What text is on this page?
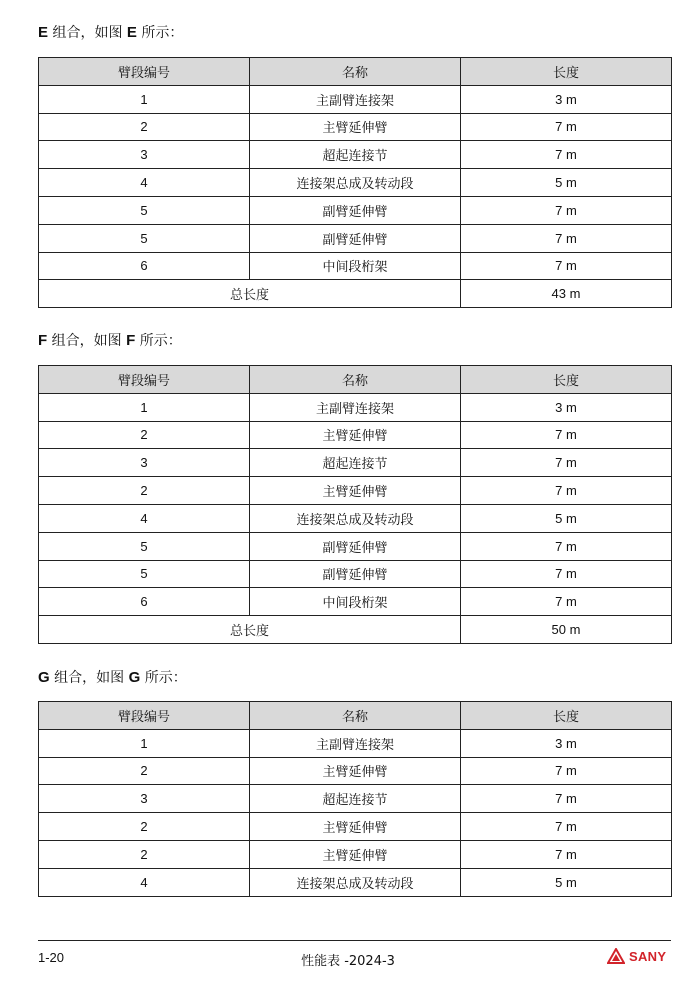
E 组合，如图 E 所示：
臂段编号	名称	长度
1	主副臂连接架	3 m
2	主臂延伸臂	7 m
3	超起连接节	7 m
4	连接架总成及转动段	5 m
5	副臂延伸臂	7 m
5	副臂延伸臂	7 m
6	中间段桁架	7 m
总长度		43 m
F 组合，如图 F 所示：
臂段编号	名称	长度
1	主副臂连接架	3 m
2	主臂延伸臂	7 m
3	超起连接节	7 m
2	主臂延伸臂	7 m
4	连接架总成及转动段	5 m
5	副臂延伸臂	7 m
5	副臂延伸臂	7 m
6	中间段桁架	7 m
总长度		50 m
G 组合，如图 G 所示：
臂段编号	名称	长度
1	主副臂连接架	3 m
2	主臂延伸臂	7 m
3	超起连接节	7 m
2	主臂延伸臂	7 m
2	主臂延伸臂	7 m
4	连接架总成及转动段	5 m
1-20	性能表 -2024-3	SANY
